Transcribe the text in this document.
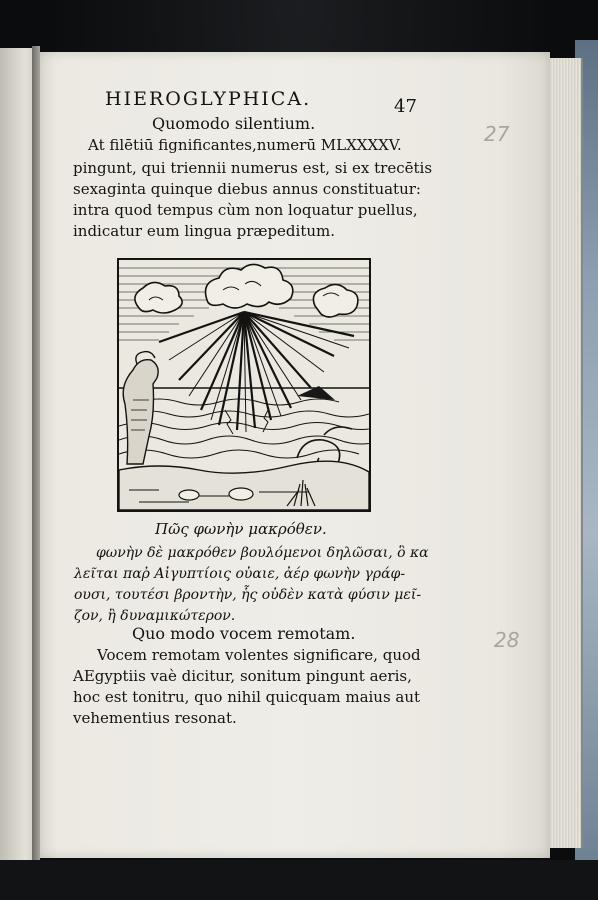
HIEROGLYPHICA.	47
27
28
Quomodo silentium.
At filētiū fignificantes,numerū MLXXXXV.
pingunt, qui triennii numerus est, si ex trecētis
sexaginta quinque diebus annus constituatur:
intra quod tempus cùm non loquatur puellus,
indicatur eum lingua præpeditum.
Πῶς φωνὴν μακρόθεν.
φωνὴν δὲ μακρόθεν βουλόμενοι δηλῶσαι, ὃ κα
λεῖται παῤ Αἰγυπτίοις οὐαιε, ἀέρ φωνὴν γράφ-
ουσι, τουτέσι βροντὴν, ἧς οὐδὲν κατὰ φύσιν μεῖ-
ζον, ἢ δυναμικώτερον.
Quo modo vocem remotam.
Vocem remotam volentes significare, quod
AEgyptiis vaè dicitur, sonitum pingunt aeris,
hoc est tonitru, quo nihil quicquam maius aut
vehementius resonat.
